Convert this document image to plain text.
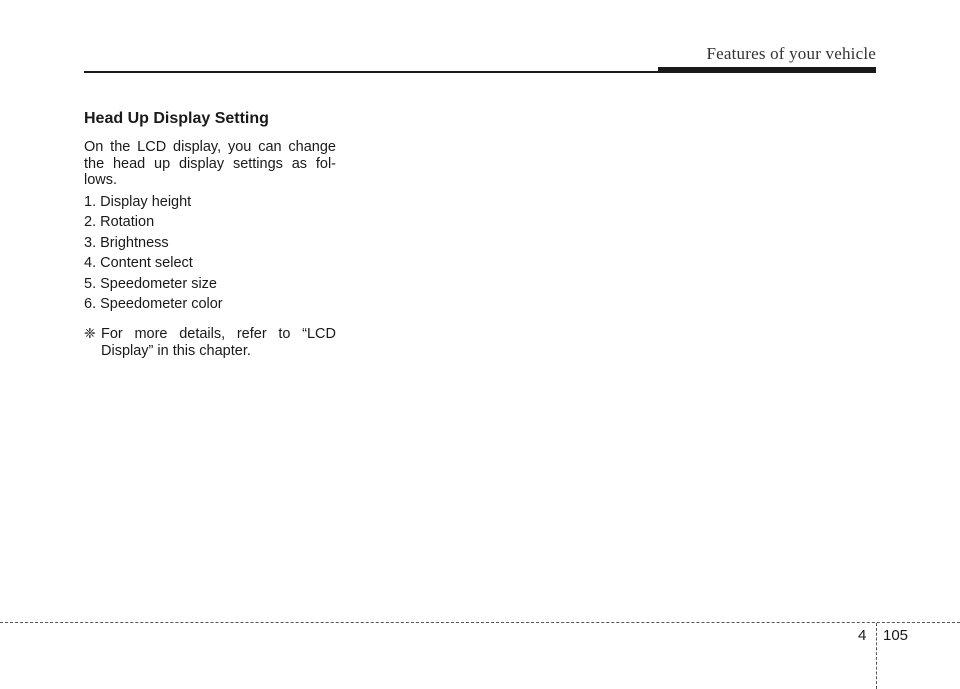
Features of your vehicle
Head Up Display Setting

On the LCD display, you can change the head up display settings as fol-lows.

1. Display height
2. Rotation
3. Brightness
4. Content select
5. Speedometer size
6. Speedometer color
❈ For more details, refer to “LCD Display” in this chapter.
4 105
